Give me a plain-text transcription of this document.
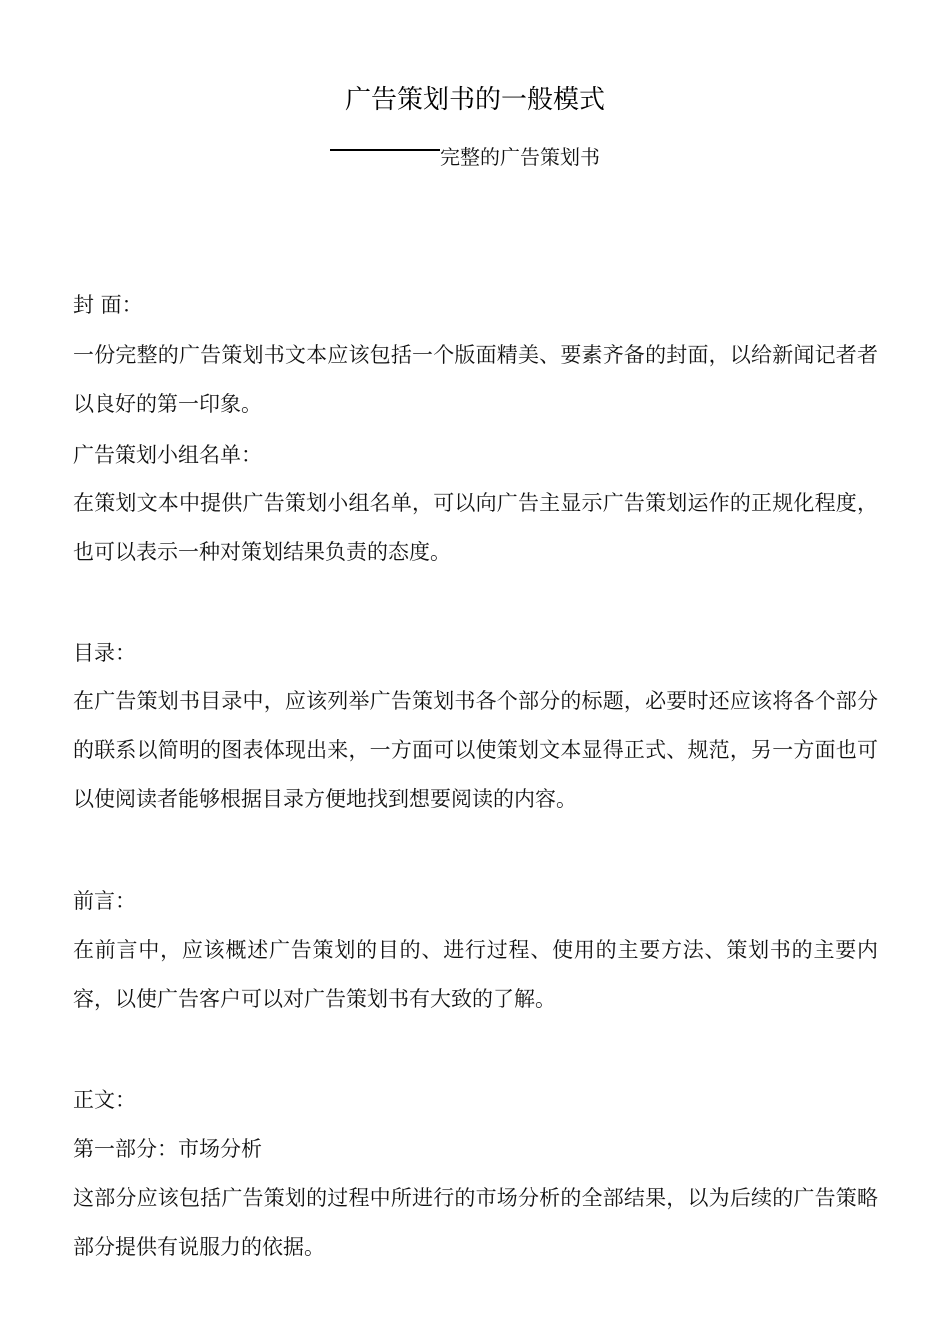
广告策划书的一般模式
完整的广告策划书

封 面：

一份完整的广告策划书文本应该包括一个版面精美、要素齐备的封面，以给新闻记者者以良好的第一印象。

广告策划小组名单：

在策划文本中提供广告策划小组名单，可以向广告主显示广告策划运作的正规化程度，也可以表示一种对策划结果负责的态度。

目录：

在广告策划书目录中，应该列举广告策划书各个部分的标题，必要时还应该将各个部分的联系以简明的图表体现出来，一方面可以使策划文本显得正式、规范，另一方面也可以使阅读者能够根据目录方便地找到想要阅读的内容。

前言：

在前言中，应该概述广告策划的目的、进行过程、使用的主要方法、策划书的主要内容，以使广告客户可以对广告策划书有大致的了解。

正文：

第一部分：市场分析

这部分应该包括广告策划的过程中所进行的市场分析的全部结果，以为后续的广告策略部分提供有说服力的依据。
